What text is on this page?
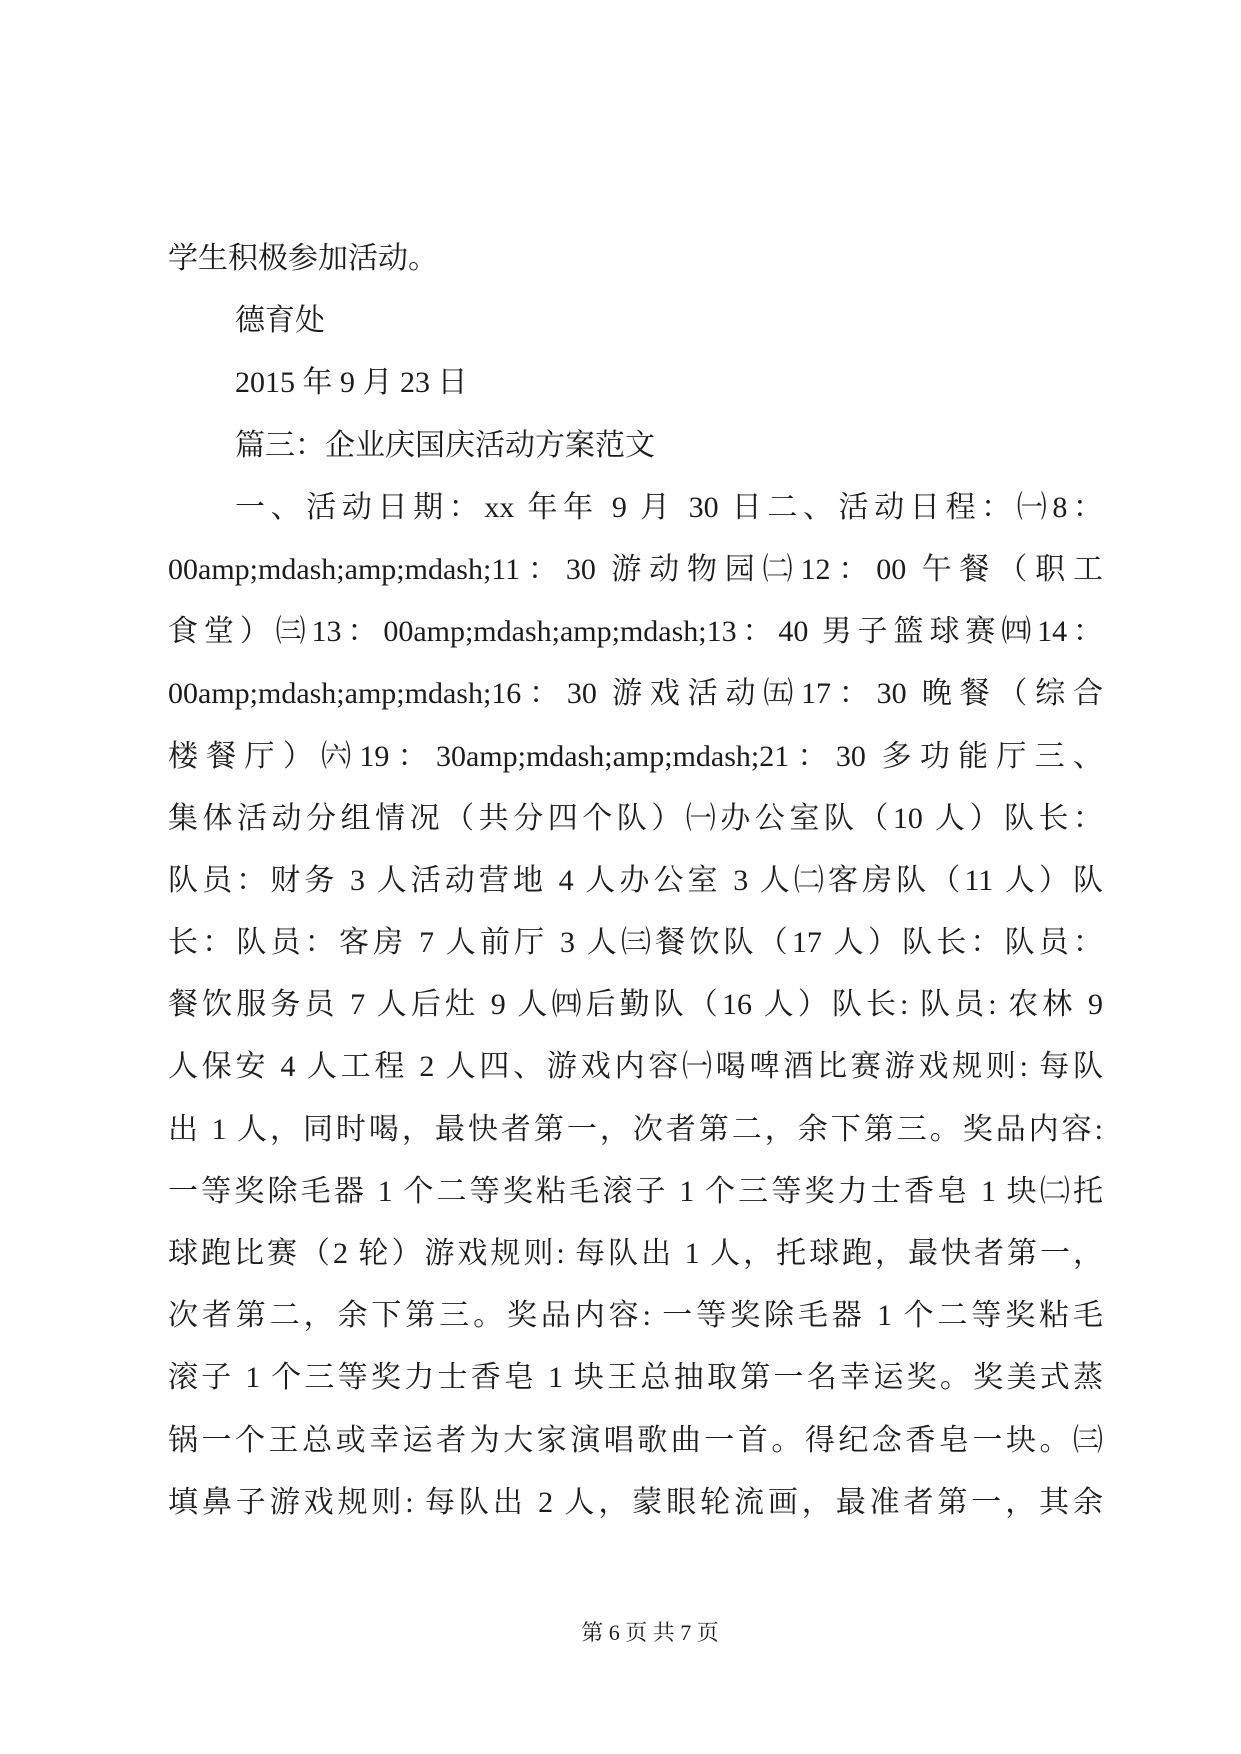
学生积极参加活动。
德育处
2015 年 9 月 23 日
篇三：企业庆国庆活动方案范文
一、活动日期：xx 年年 9 月 30 日二、活动日程：㈠8：
00amp;mdash;amp;mdash;11：30 游动物园㈡12：00 午餐（职工
食堂）㈢13：00amp;mdash;amp;mdash;13：40 男子篮球赛㈣14：
00amp;mdash;amp;mdash;16：30 游戏活动㈤17：30 晚餐（综合
楼餐厅）㈥19：30amp;mdash;amp;mdash;21：30 多功能厅三、
集体活动分组情况（共分四个队）㈠办公室队（10 人）队长：
队员：财务 3 人活动营地 4 人办公室 3 人㈡客房队（11 人）队
长：队员：客房 7 人前厅 3 人㈢餐饮队（17 人）队长：队员：
餐饮服务员 7 人后灶 9 人㈣后勤队（16 人）队长: 队员: 农林 9
人保安 4 人工程 2 人四、游戏内容㈠喝啤酒比赛游戏规则: 每队
出 1 人，同时喝，最快者第一，次者第二，余下第三。奖品内容:
一等奖除毛器 1 个二等奖粘毛滚子 1 个三等奖力士香皂 1 块㈡托
球跑比赛（2 轮）游戏规则: 每队出 1 人，托球跑，最快者第一，
次者第二，余下第三。奖品内容: 一等奖除毛器 1 个二等奖粘毛
滚子 1 个三等奖力士香皂 1 块王总抽取第一名幸运奖。奖美式蒸
锅一个王总或幸运者为大家演唱歌曲一首。得纪念香皂一块。㈢
填鼻子游戏规则: 每队出 2 人，蒙眼轮流画，最准者第一，其余
第 6 页 共 7 页
